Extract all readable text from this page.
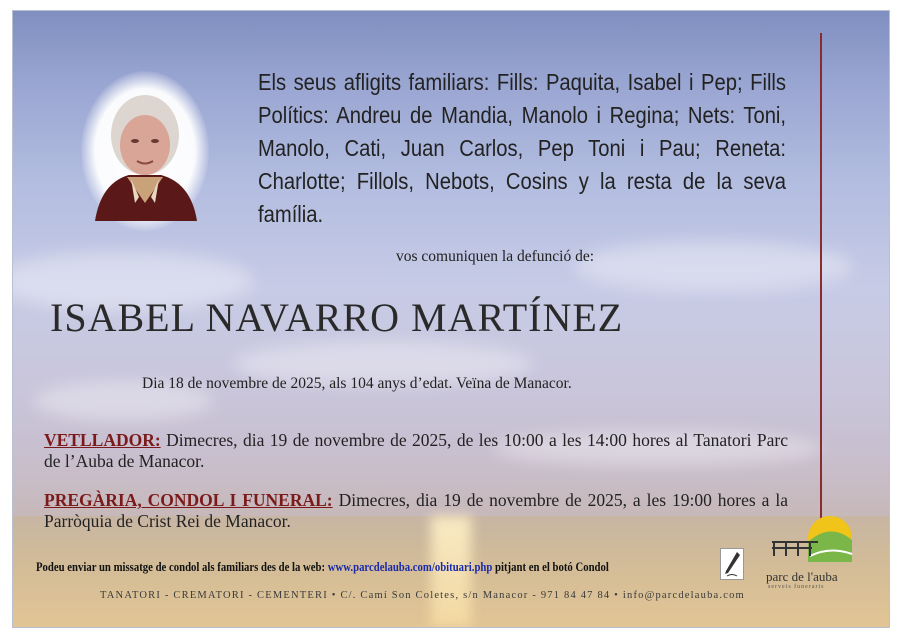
Els seus afligits familiars: Fills: Paquita, Isabel i Pep; Fills Polítics: Andreu de Mandia, Manolo i Regina; Nets: Toni, Manolo, Cati, Juan Carlos, Pep Toni i Pau; Reneta: Charlotte; Fillols, Nebots, Cosins y la resta de la seva família.
vos comuniquen la defunció de:
ISABEL NAVARRO MARTÍNEZ
Dia 18 de novembre de 2025, als 104 anys d’edat. Veïna de Manacor.
VETLLADOR: Dimecres, dia 19 de novembre de 2025, de les 10:00 a les 14:00 hores al Tanatori Parc de l’Auba de Manacor.
PREGÀRIA, CONDOL I FUNERAL: Dimecres, dia 19 de novembre de 2025, a les 19:00 hores a la Parròquia de Crist Rei de Manacor.
Podeu enviar un missatge de condol als familiars des de la web: www.parcdelauba.com/obituari.php pitjant en el botó Condol
parc de l'auba
serveis funeraris
TANATORI - CREMATORI - CEMENTERI • C/. Camí Son Coletes, s/n Manacor - 971 84 47 84 • info@parcdelauba.com
